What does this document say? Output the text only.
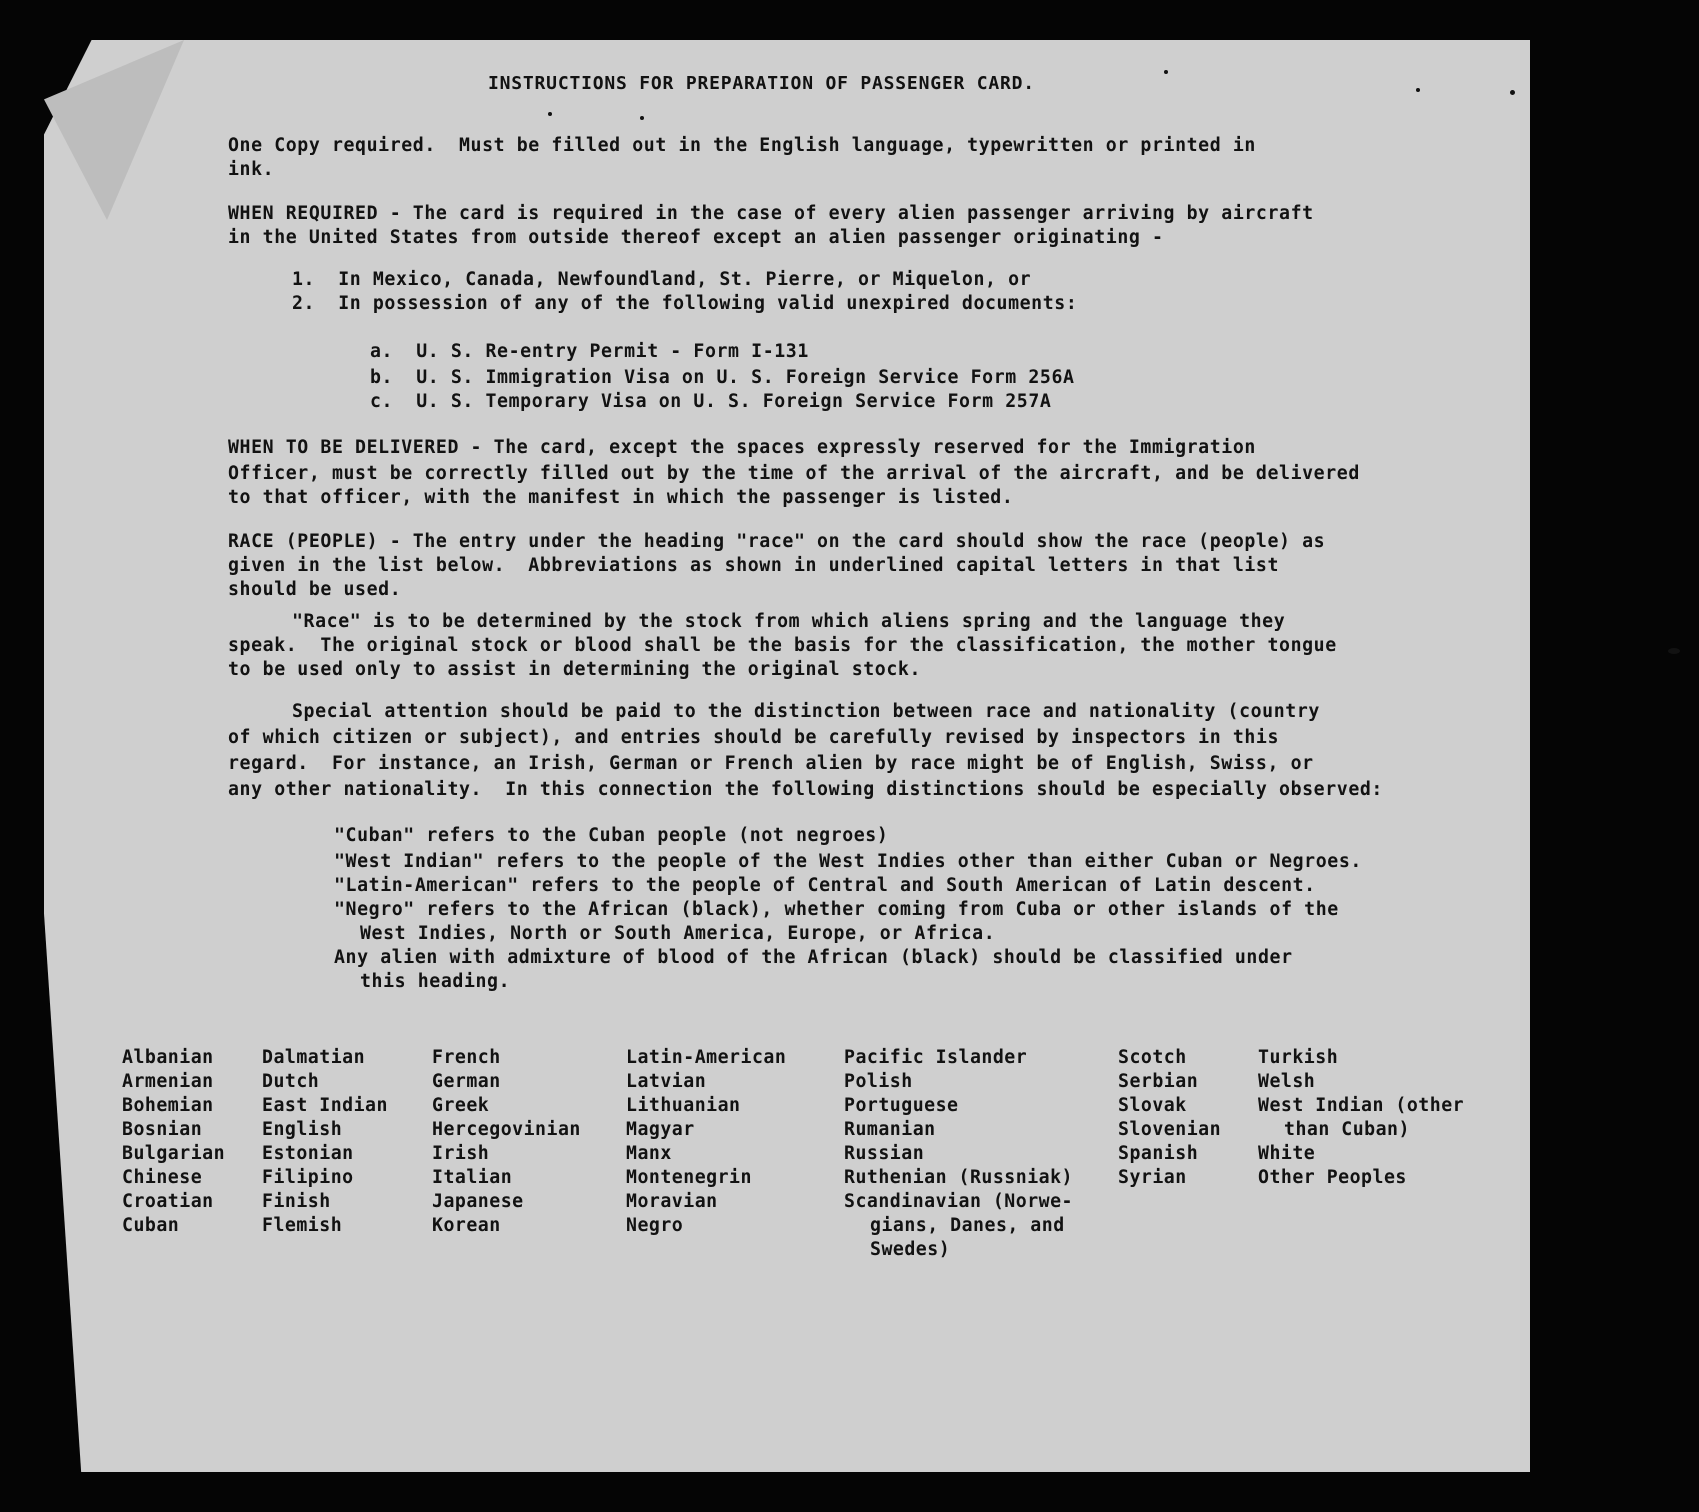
INSTRUCTIONS FOR PREPARATION OF PASSENGER CARD.
One Copy required.  Must be filled out in the English language, typewritten or printed in
ink.
WHEN REQUIRED - The card is required in the case of every alien passenger arriving by aircraft
in the United States from outside thereof except an alien passenger originating -
1.  In Mexico, Canada, Newfoundland, St. Pierre, or Miquelon, or
2.  In possession of any of the following valid unexpired documents:
a.  U. S. Re-entry Permit - Form I-131
b.  U. S. Immigration Visa on U. S. Foreign Service Form 256A
c.  U. S. Temporary Visa on U. S. Foreign Service Form 257A
WHEN TO BE DELIVERED - The card, except the spaces expressly reserved for the Immigration
Officer, must be correctly filled out by the time of the arrival of the aircraft, and be delivered
to that officer, with the manifest in which the passenger is listed.
RACE (PEOPLE) - The entry under the heading "race" on the card should show the race (people) as
given in the list below.  Abbreviations as shown in underlined capital letters in that list
should be used.
"Race" is to be determined by the stock from which aliens spring and the language they
speak.  The original stock or blood shall be the basis for the classification, the mother tongue
to be used only to assist in determining the original stock.
Special attention should be paid to the distinction between race and nationality (country
of which citizen or subject), and entries should be carefully revised by inspectors in this
regard.  For instance, an Irish, German or French alien by race might be of English, Swiss, or
any other nationality.  In this connection the following distinctions should be especially observed:
"Cuban" refers to the Cuban people (not negroes)
"West Indian" refers to the people of the West Indies other than either Cuban or Negroes.
"Latin-American" refers to the people of Central and South American of Latin descent.
"Negro" refers to the African (black), whether coming from Cuba or other islands of the
West Indies, North or South America, Europe, or Africa.
Any alien with admixture of blood of the African (black) should be classified under
this heading.
Albanian
Armenian
Bohemian
Bosnian
Bulgarian
Chinese
Croatian
Cuban
Dalmatian
Dutch
East Indian
English
Estonian
Filipino
Finish
Flemish
French
German
Greek
Hercegovinian
Irish
Italian
Japanese
Korean
Latin-American
Latvian
Lithuanian
Magyar
Manx
Montenegrin
Moravian
Negro
Pacific Islander
Polish
Portuguese
Rumanian
Russian
Ruthenian (Russniak)
Scandinavian (Norwe-
gians, Danes, and
Swedes)
Scotch
Serbian
Slovak
Slovenian
Spanish
Syrian
Turkish
Welsh
West Indian (other
than Cuban)
White
Other Peoples
